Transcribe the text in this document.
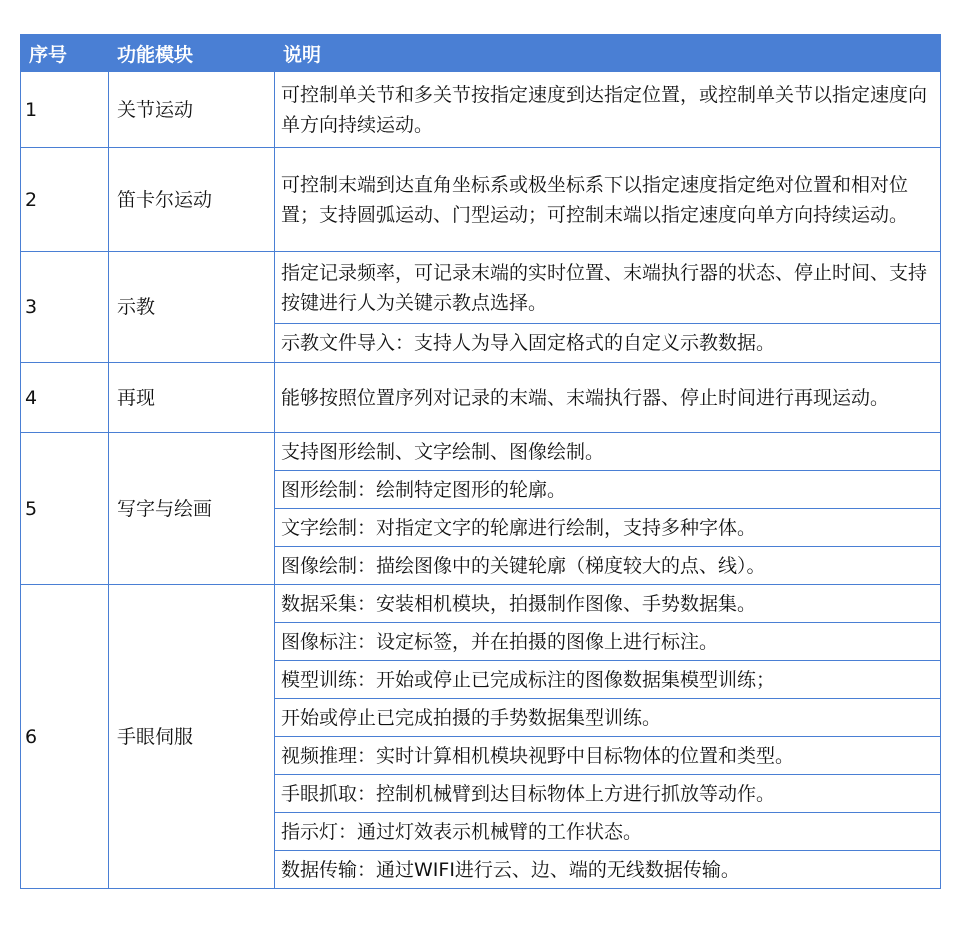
序号	功能模块	说明
1	关节运动	可控制单关节和多关节按指定速度到达指定位置，或控制单关节以指定速度向单方向持续运动。
2	笛卡尔运动	可控制末端到达直角坐标系或极坐标系下以指定速度指定绝对位置和相对位置；支持圆弧运动、门型运动；可控制末端以指定速度向单方向持续运动。
3	示教	指定记录频率，可记录末端的实时位置、末端执行器的状态、停止时间、支持按键进行人为关键示教点选择。
		示教文件导入：支持人为导入固定格式的自定义示教数据。
4	再现	能够按照位置序列对记录的末端、末端执行器、停止时间进行再现运动。
5	写字与绘画	支持图形绘制、文字绘制、图像绘制。
		图形绘制：绘制特定图形的轮廓。
		文字绘制：对指定文字的轮廓进行绘制，支持多种字体。
		图像绘制：描绘图像中的关键轮廓（梯度较大的点、线）。
6	手眼伺服	数据采集：安装相机模块，拍摄制作图像、手势数据集。
		图像标注：设定标签，并在拍摄的图像上进行标注。
		模型训练：开始或停止已完成标注的图像数据集模型训练；
		开始或停止已完成拍摄的手势数据集型训练。
		视频推理：实时计算相机模块视野中目标物体的位置和类型。
		手眼抓取：控制机械臂到达目标物体上方进行抓放等动作。
		指示灯：通过灯效表示机械臂的工作状态。
		数据传输：通过WIFI进行云、边、端的无线数据传输。
